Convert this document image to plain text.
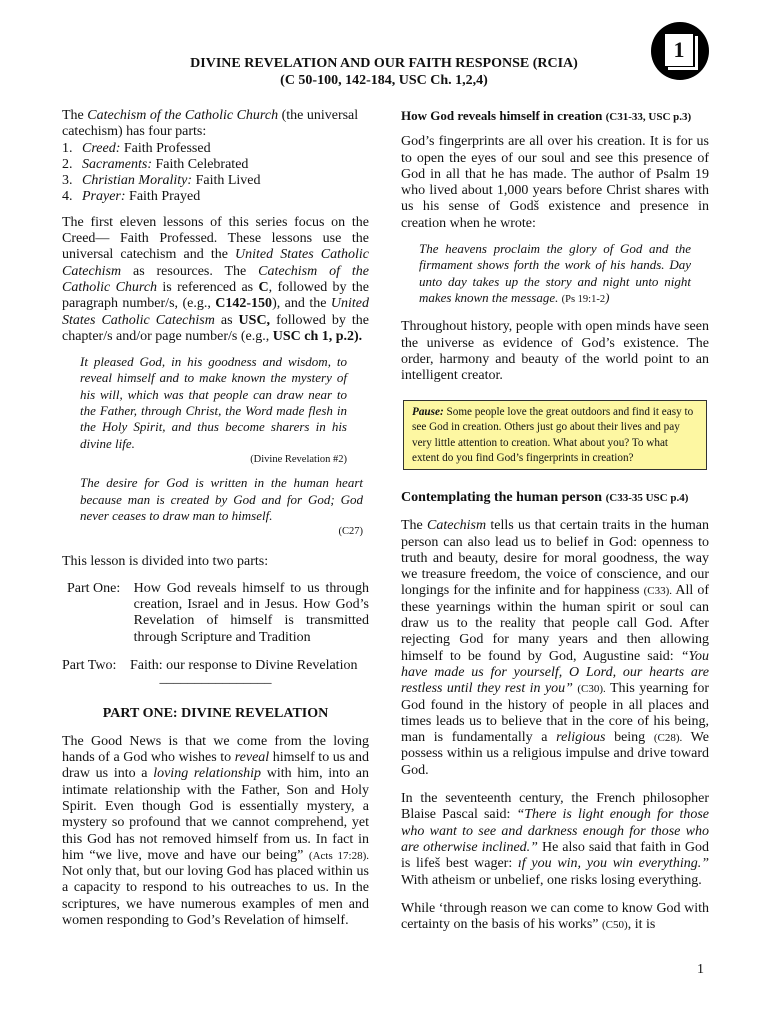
1
DIVINE REVELATION AND OUR FAITH RESPONSE (RCIA)
(C 50-100, 142-184, USC Ch. 1,2,4)

The Catechism of the Catholic Church (the universal catechism) has four parts:

1. Creed: Faith Professed
2. Sacraments: Faith Celebrated
3. Christian Morality: Faith Lived
4. Prayer: Faith Prayed

The first eleven lessons of this series focus on the Creed— Faith Professed. These lessons use the universal catechism and the United States Catholic Catechism as resources. The Catechism of the Catholic Church is referenced as C, followed by the paragraph number/s, (e.g., C142-150), and the United States Catholic Catechism as USC, followed by the chapter/s and/or page number/s (e.g., USC ch 1, p.2).

It pleased God, in his goodness and wisdom, to reveal himself and to make known the mystery of his will, which was that people can draw near to the Father, through Christ, the Word made flesh in the Holy Spirit, and thus become sharers in his divine life.

(Divine Revelation #2)

The desire for God is written in the human heart because man is created by God and for God; God never ceases to draw man to himself.

(C27)

This lesson is divided into two parts:

Part One: How God reveals himself to us through creation, Israel and in Jesus. How God’s Revelation of himself is transmitted through Scripture and Tradition
Part Two: Faith: our response to Divine Revelation

________________

PART ONE: DIVINE REVELATION

The Good News is that we come from the loving hands of a God who wishes to reveal himself to us and draw us into a loving relationship with him, into an intimate relationship with the Father, Son and Holy Spirit. Even though God is essentially mystery, a mystery so profound that we cannot comprehend, yet this God has not removed himself from us. In fact in him “we live, move and have our being” (Acts 17:28). Not only that, but our loving God has placed within us a capacity to respond to his outreaches to us. In the scriptures, we have numerous examples of men and women responding to God’s Revelation of himself.

How God reveals himself in creation (C31-33, USC p.3)

God’s fingerprints are all over his creation. It is for us to open the eyes of our soul and see this presence of God in all that he has made. The author of Psalm 19 who lived about 1,000 years before Christ shares with us his sense of Godš existence and presence in creation when he wrote:

The heavens proclaim the glory of God and the firmament shows forth the work of his hands. Day unto day takes up the story and night unto night makes known the message. (Ps 19:1-2)

Throughout history, people with open minds have seen the universe as evidence of God’s existence. The order, harmony and beauty of the world point to an intelligent creator.

Pause: Some people love the great outdoors and find it easy to see God in creation. Others just go about their lives and pay very little attention to creation. What about you? To what extent do you find God’s fingerprints in creation?

Contemplating the human person (C33-35 USC p.4)

The Catechism tells us that certain traits in the human person can also lead us to belief in God: openness to truth and beauty, desire for moral goodness, the way we treasure freedom, the voice of conscience, and our longings for the infinite and for happiness (C33). All of these yearnings within the human spirit or soul can draw us to the reality that people call God. After rejecting God for many years and then allowing himself to be found by God, Augustine said: “You have made us for yourself, O Lord, our hearts are restless until they rest in you” (C30). This yearning for God found in the history of people in all places and times leads us to believe that in the core of his being, man is fundamentally a religious being (C28). We possess within us a religious impulse and drive toward God.

In the seventeenth century, the French philosopher Blaise Pascal said: “There is light enough for those who want to see and darkness enough for those who are otherwise inclined.” He also said that faith in God is lifeš best wager: ıf you win, you win everything.” With atheism or unbelief, one risks losing everything.

While ‘through reason we can come to know God with certainty on the basis of his works” (C50), it is

1
